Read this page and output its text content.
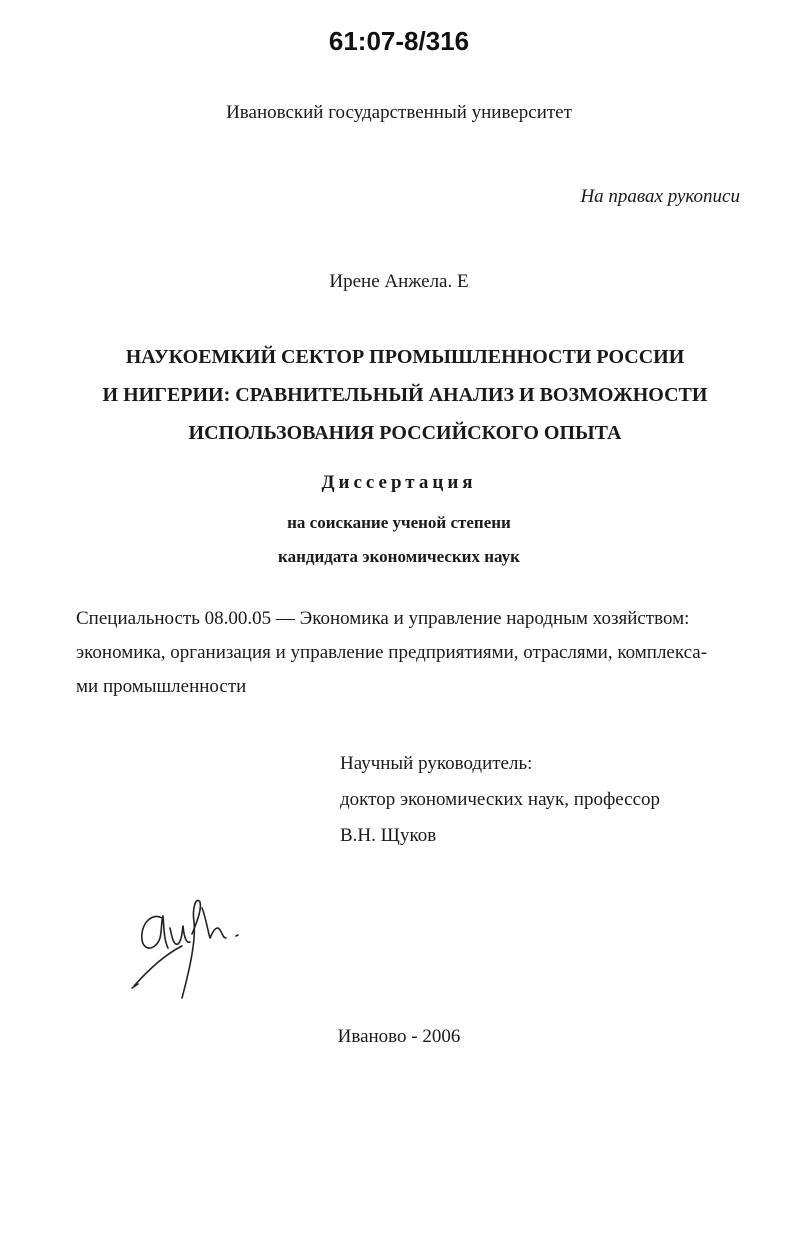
61:07-8/316
Ивановский государственный университет
На правах рукописи
Ирене Анжела. Е
НАУКОЕМКИЙ СЕКТОР ПРОМЫШЛЕННОСТИ РОССИИ
И НИГЕРИИ: СРАВНИТЕЛЬНЫЙ АНАЛИЗ И ВОЗМОЖНОСТИ
ИСПОЛЬЗОВАНИЯ РОССИЙСКОГО ОПЫТА
Диссертация
на соискание ученой степени
кандидата экономических наук
Специальность 08.00.05 — Экономика и управление народным хозяйством:
экономика, организация и управление предприятиями, отраслями, комплекса-
ми промышленности
Научный руководитель:
доктор экономических наук, профессор
В.Н. Щуков
Иваново - 2006
